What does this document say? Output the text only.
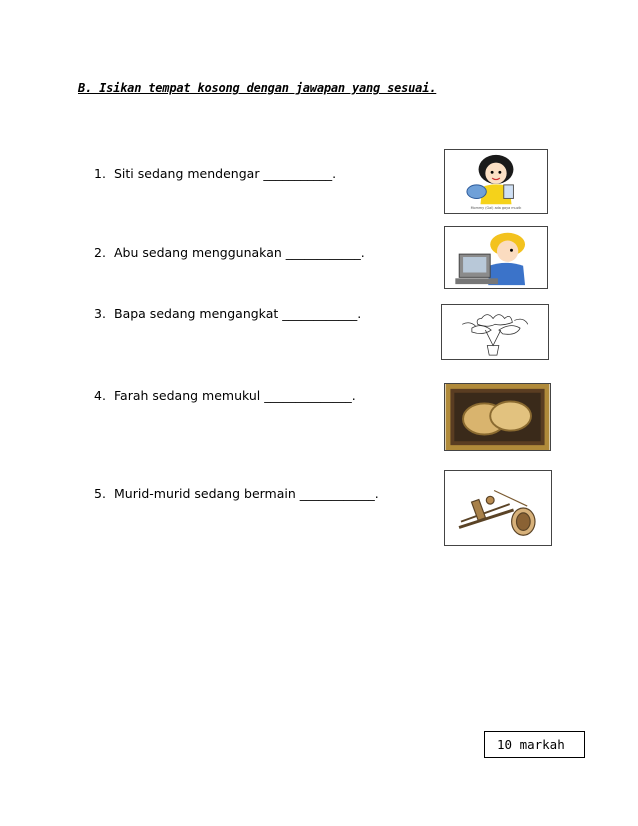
B. Isikan tempat kosong dengan jawapan yang sesuai.
1. Siti sedang mendengar ___________.
Mommy (Gal) ada gaya muzik
2. Abu sedang menggunakan ____________.
3. Bapa sedang mengangkat ____________.
4. Farah sedang memukul ______________.
5. Murid-murid sedang bermain ____________.
10 markah
